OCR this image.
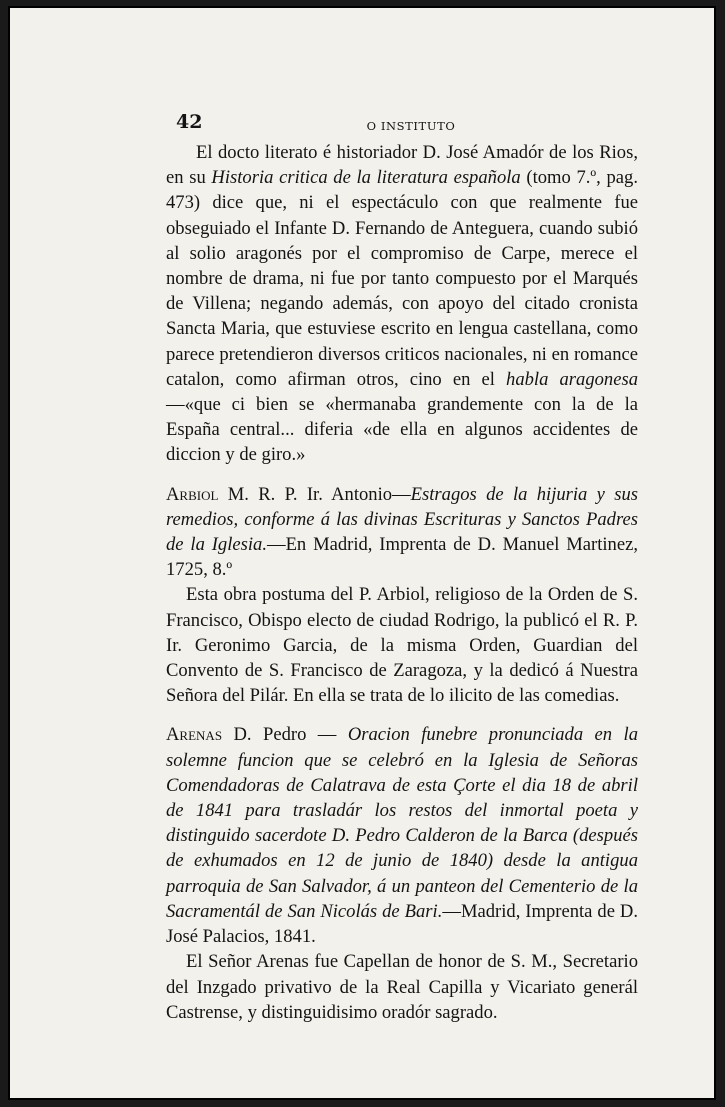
42	O INSTITUTO

El docto literato é historiador D. José Amadór de los Rios, en su Historia critica de la literatura española (tomo 7.º, pag. 473) dice que, ni el espectáculo con que realmente fue obseguiado el Infante D. Fernando de Anteguera, cuando subió al solio aragonés por el compromiso de Carpe, merece el nombre de drama, ni fue por tanto compuesto por el Marqués de Villena; negando además, con apoyo del citado cronista Sancta Maria, que estuviese escrito en lengua castellana, como parece pretendieron diversos criticos nacionales, ni en romance catalon, como afirman otros, cino en el habla aragonesa—«que ci bien se «hermanaba grandemente con la de la España central... diferia «de ella en algunos accidentes de diccion y de giro.»

Arbiol M. R. P. Ir. Antonio—Estragos de la hijuria y sus remedios, conforme á las divinas Escrituras y Sanctos Padres de la Iglesia.—En Madrid, Imprenta de D. Manuel Martinez, 1725, 8.º

Esta obra postuma del P. Arbiol, religioso de la Orden de S. Francisco, Obispo electo de ciudad Rodrigo, la publicó el R. P. Ir. Geronimo Garcia, de la misma Orden, Guardian del Convento de S. Francisco de Zaragoza, y la dedicó á Nuestra Señora del Pilár. En ella se trata de lo ilicito de las comedias.

Arenas D. Pedro — Oracion funebre pronunciada en la solemne funcion que se celebró en la Iglesia de Señoras Comendadoras de Calatrava de esta Çorte el dia 18 de abril de 1841 para trasladár los restos del inmortal poeta y distinguido sacerdote D. Pedro Calderon de la Barca (después de exhumados en 12 de junio de 1840) desde la antigua parroquia de San Salvador, á un panteon del Cementerio de la Sacramentál de San Nicolás de Bari.—Madrid, Imprenta de D. José Palacios, 1841.

El Señor Arenas fue Capellan de honor de S. M., Secretario del Inzgado privativo de la Real Capilla y Vicariato generál Castrense, y distinguidisimo oradór sagrado.
